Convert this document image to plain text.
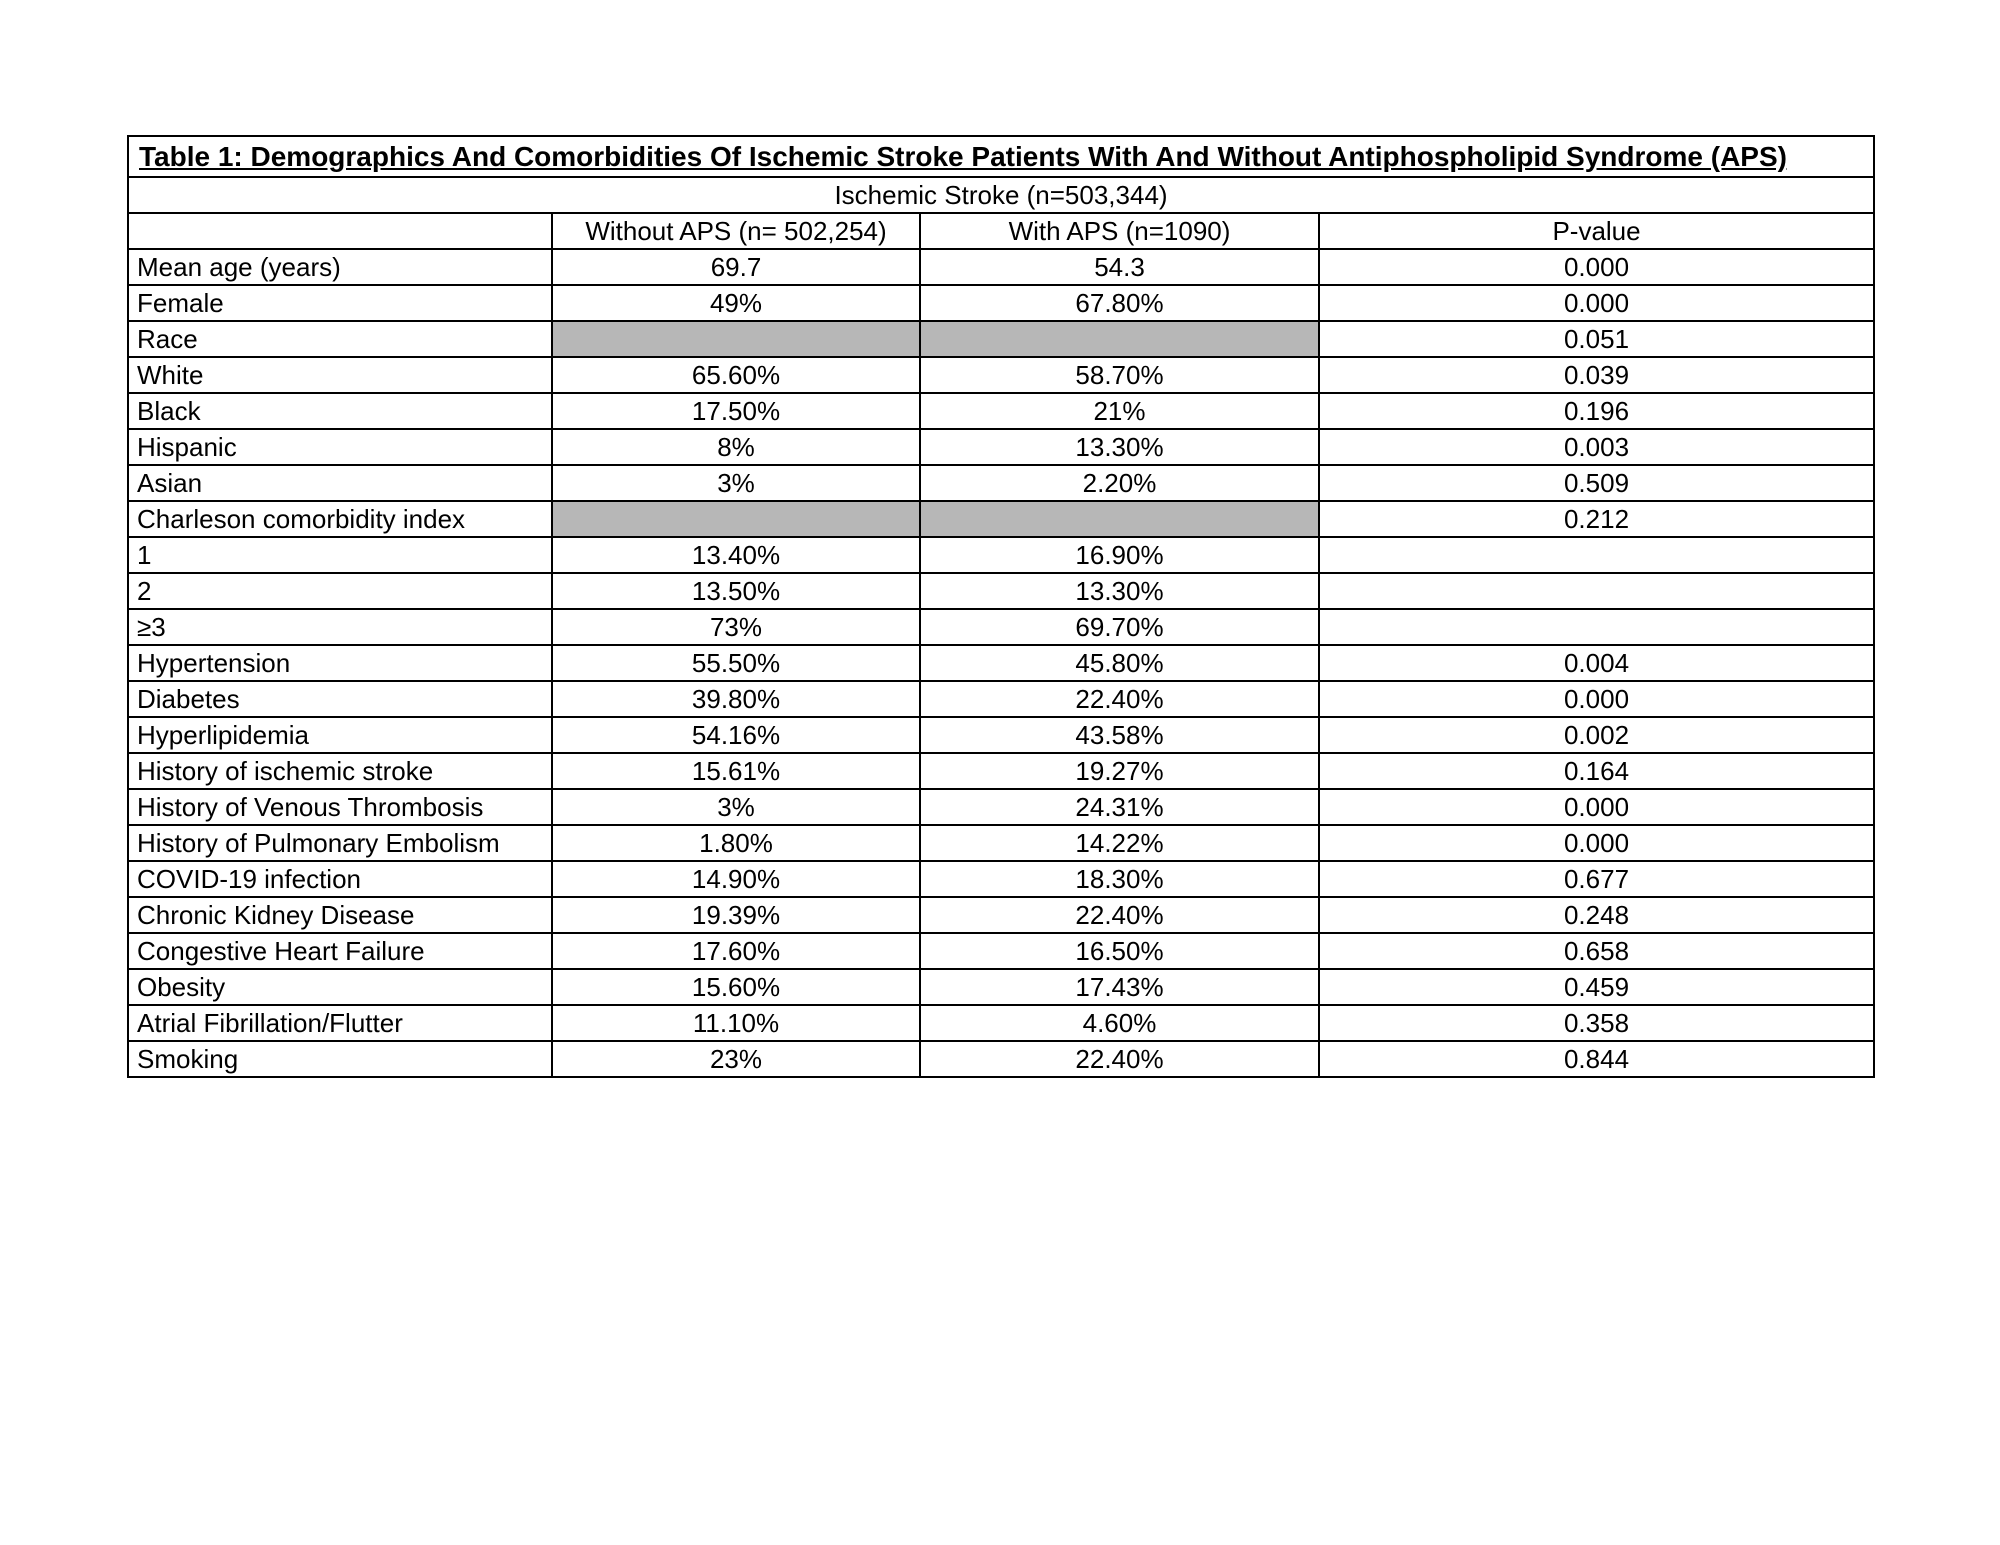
Table 1: Demographics And Comorbidities Of Ischemic Stroke Patients With And Without Antiphospholipid Syndrome (APS)			
Ischemic Stroke (n=503,344)			
	Without APS (n= 502,254)	With APS (n=1090)	P-value
Mean age (years)	69.7	54.3	0.000
Female	49%	67.80%	0.000
Race			0.051
White	65.60%	58.70%	0.039
Black	17.50%	21%	0.196
Hispanic	8%	13.30%	0.003
Asian	3%	2.20%	0.509
Charleson comorbidity index			0.212
1	13.40%	16.90%	
2	13.50%	13.30%	
≥3	73%	69.70%	
Hypertension	55.50%	45.80%	0.004
Diabetes	39.80%	22.40%	0.000
Hyperlipidemia	54.16%	43.58%	0.002
History of ischemic stroke	15.61%	19.27%	0.164
History of Venous Thrombosis	3%	24.31%	0.000
History of Pulmonary Embolism	1.80%	14.22%	0.000
COVID-19 infection	14.90%	18.30%	0.677
Chronic Kidney Disease	19.39%	22.40%	0.248
Congestive Heart Failure	17.60%	16.50%	0.658
Obesity	15.60%	17.43%	0.459
Atrial Fibrillation/Flutter	11.10%	4.60%	0.358
Smoking	23%	22.40%	0.844
